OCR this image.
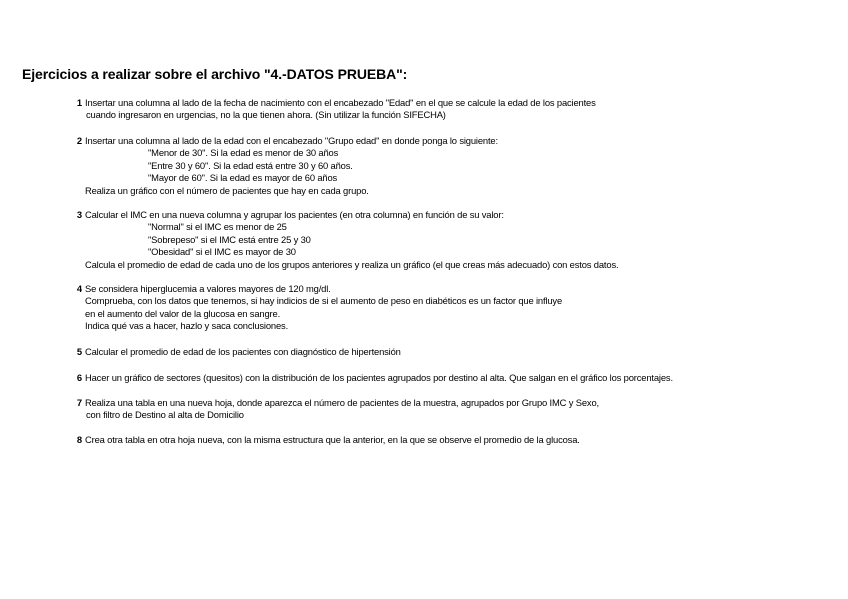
Ejercicios a realizar sobre el archivo "4.-DATOS PRUEBA":
1 Insertar una columna al lado de la fecha de nacimiento con el encabezado "Edad" en el que se calcule la edad de los pacientes
cuando ingresaron en urgencias, no la que tienen ahora. (Sin utilizar la función SIFECHA)
2 Insertar una columna al lado de la edad con el encabezado "Grupo edad" en donde ponga lo siguiente:
"Menor de 30". Si la edad es menor de 30 años
"Entre 30 y 60". Si la edad está entre 30 y 60 años.
"Mayor de 60". Si la edad es mayor de 60 años
Realiza un gráfico con el número de pacientes que hay en cada grupo.
3 Calcular el IMC en una nueva columna y agrupar los pacientes (en otra columna) en función de su valor:
"Normal" si el IMC es menor de 25
"Sobrepeso" si el IMC está entre 25 y 30
"Obesidad" si el IMC es mayor de 30
Calcula el promedio de edad de cada uno de los grupos anteriores y realiza un gráfico (el que creas más adecuado) con estos datos.
4 Se considera hiperglucemia a valores mayores de 120 mg/dl.
Comprueba, con los datos que tenemos, si hay indicios de si el aumento de peso en diabéticos es un factor que influye
en el aumento del valor de la glucosa en sangre.
Indica qué vas a hacer, hazlo y saca conclusiones.
5 Calcular el promedio de edad de los pacientes con diagnóstico de hipertensión
6 Hacer un gráfico de sectores (quesitos) con la distribución de los pacientes agrupados por destino al alta. Que salgan en el gráfico los porcentajes.
7 Realiza una tabla en una nueva hoja, donde aparezca el número de pacientes de la muestra, agrupados por Grupo IMC y Sexo,
con filtro de Destino al alta de Domicilio
8 Crea otra tabla en otra hoja nueva, con la misma estructura que la anterior, en la que se observe el promedio de la glucosa.
